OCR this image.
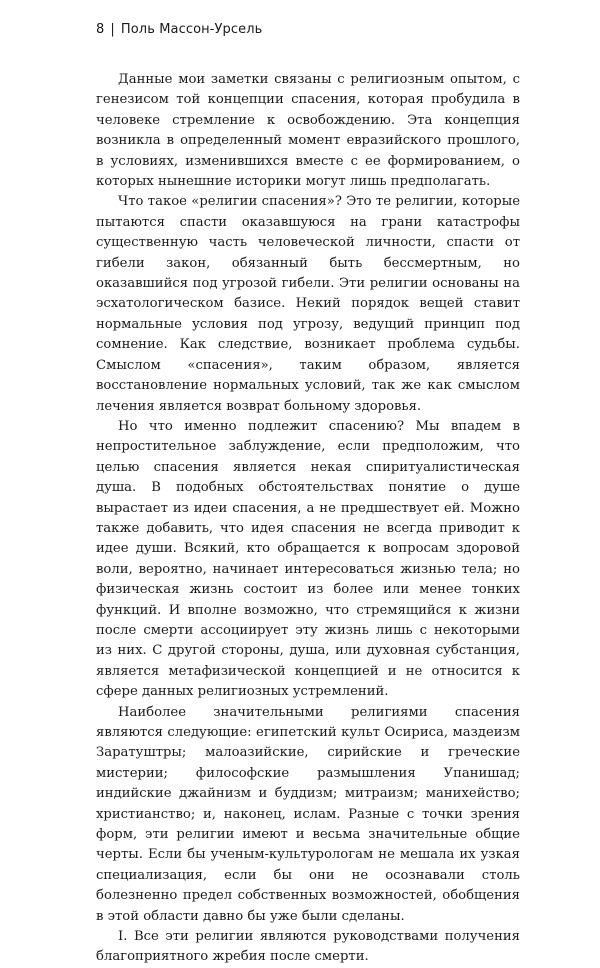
8 | Поль Массон-Урсель

Данные мои заметки связаны с религиозным опытом, с генезисом той концепции спасения, которая пробудила в человеке стремление к освобождению. Эта концепция возникла в определенный момент евразийского прошлого, в условиях, изменившихся вместе с ее формированием, о которых нынешние историки могут лишь предполагать.

Что такое «религии спасения»? Это те религии, которые пытаются спасти оказавшуюся на грани катастрофы существенную часть человеческой личности, спасти от гибели закон, обязанный быть бессмертным, но оказавшийся под угрозой гибели. Эти религии основаны на эсхатологическом базисе. Некий порядок вещей ставит нормальные условия под угрозу, ведущий принцип под сомнение. Как следствие, возникает проблема судьбы. Смыслом «спасения», таким образом, является восстановление нормальных условий, так же как смыслом лечения является возврат больному здоровья.

Но что именно подлежит спасению? Мы впадем в непростительное заблуждение, если предположим, что целью спасения является некая спиритуалистическая душа. В подобных обстоятельствах понятие о душе вырастает из идеи спасения, а не предшествует ей. Можно также добавить, что идея спасения не всегда приводит к идее души. Всякий, кто обращается к вопросам здоровой воли, вероятно, начинает интересоваться жизнью тела; но физическая жизнь состоит из более или менее тонких функций. И вполне возможно, что стремящийся к жизни после смерти ассоциирует эту жизнь лишь с некоторыми из них. С другой стороны, душа, или духовная субстанция, является метафизической концепцией и не относится к сфере данных религиозных устремлений.

Наиболее значительными религиями спасения являются следующие: египетский культ Осириса, маздеизм Заратуштры; малоазийские, сирийские и греческие мистерии; философские размышления Упанишад; индийские джайнизм и буддизм; митраизм; манихейство; христианство; и, наконец, ислам. Разные с точки зрения форм, эти религии имеют и весьма значительные общие черты. Если бы ученым-культурологам не мешала их узкая специализация, если бы они не осознавали столь болезненно предел собственных возможностей, обобщения в этой области давно бы уже были сделаны.

I. Все эти религии являются руководствами получения благоприятного жребия после смерти.
